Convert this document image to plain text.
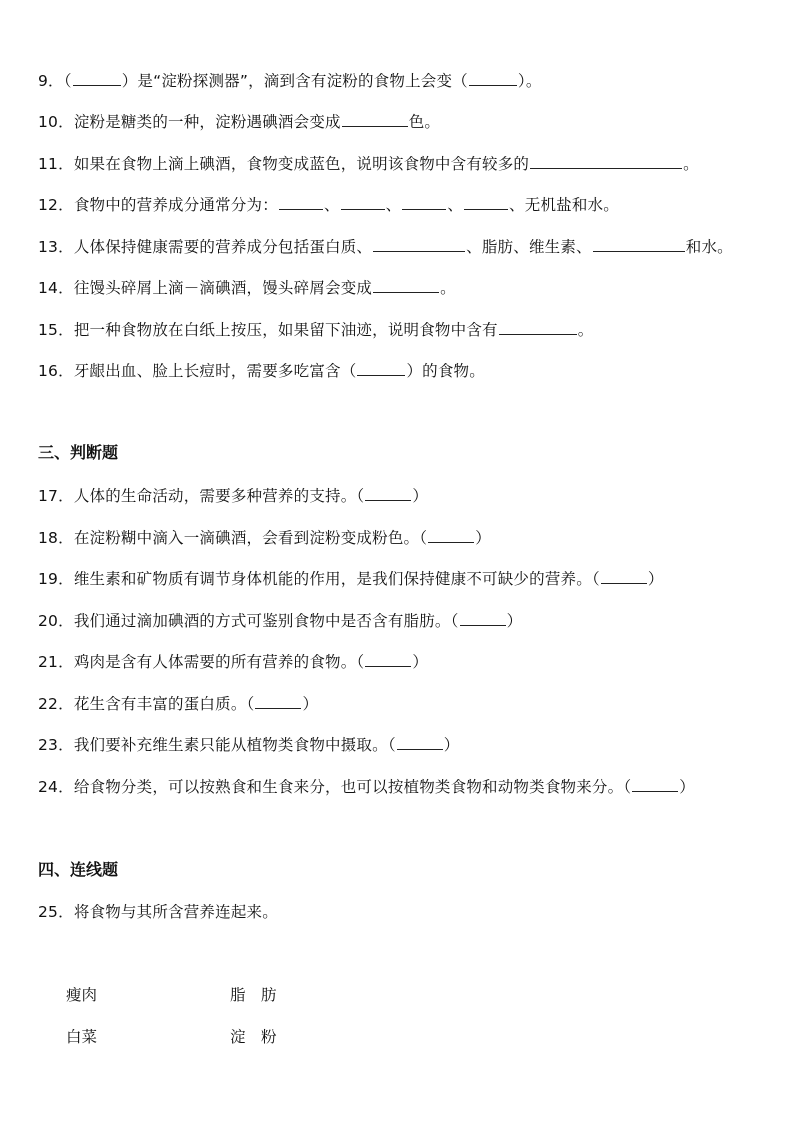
9．（	）是“淀粉探测器”，滴到含有淀粉的食物上会变（	）。
10．淀粉是糖类的一种，淀粉遇碘酒会变成	色。
11．如果在食物上滴上碘酒，食物变成蓝色，说明该食物中含有较多的	。
12．食物中的营养成分通常分为：	、	、	、	、无机盐和水。
13．人体保持健康需要的营养成分包括蛋白质、	、脂肪、维生素、	和水。
14．往馒头碎屑上滴－滴碘酒，馒头碎屑会变成	。
15．把一种食物放在白纸上按压，如果留下油迹，说明食物中含有	。
16．牙龈出血、脸上长痘时，需要多吃富含（	）的食物。
三、判断题
17．人体的生命活动，需要多种营养的支持。（	）
18．在淀粉糊中滴入一滴碘酒，会看到淀粉变成粉色。（	）
19．维生素和矿物质有调节身体机能的作用，是我们保持健康不可缺少的营养。（	）
20．我们通过滴加碘酒的方式可鉴别食物中是否含有脂肪。（	）
21．鸡肉是含有人体需要的所有营养的食物。（	）
22．花生含有丰富的蛋白质。（	）
23．我们要补充维生素只能从植物类食物中摄取。（	）
24．给食物分类，可以按熟食和生食来分，也可以按植物类食物和动物类食物来分。（	）
四、连线题
25．将食物与其所含营养连起来。
瘦肉	脂　肪
白菜	淀　粉
